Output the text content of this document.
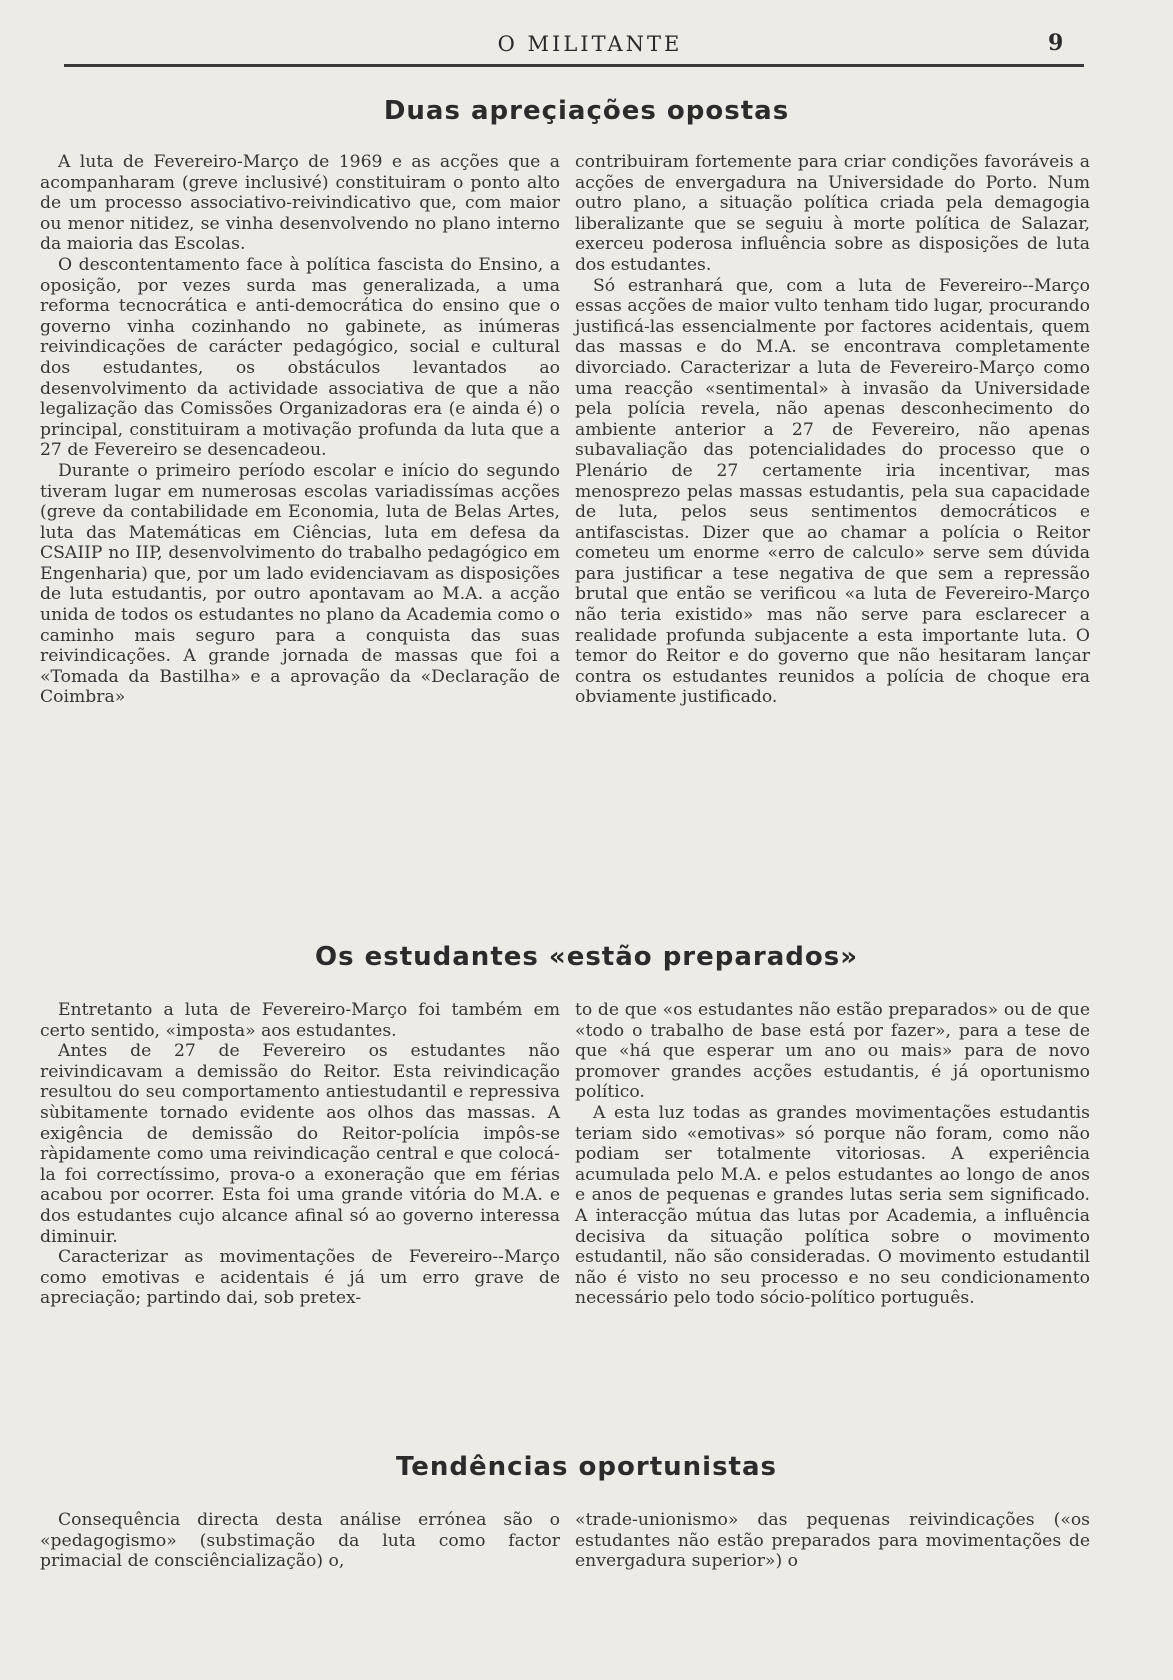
O MILITANTE	9
Duas apreçiações opostas

A luta de Fevereiro-Março de 1969 e as acções que a acompanharam (greve inclusivé) constituiram o ponto alto de um processo associativo-reivindicativo que, com maior ou menor nitidez, se vinha desenvolvendo no plano interno da maioria das Escolas.

O descontentamento face à política fascista do Ensino, a oposição, por vezes surda mas generalizada, a uma reforma tecnocrática e anti-democrática do ensino que o governo vinha cozinhando no gabinete, as inúmeras reivindicações de carácter pedagógico, social e cultural dos estudantes, os obstáculos levantados ao desenvolvimento da actividade associativa de que a não legalização das Comissões Organizadoras era (e ainda é) o principal, constituiram a motivação profunda da luta que a 27 de Fevereiro se desencadeou.

Durante o primeiro período escolar e início do segundo tiveram lugar em numerosas escolas variadissímas acções (greve da contabilidade em Economia, luta de Belas Artes, luta das Matemáticas em Ciências, luta em defesa da CSAIIP no IIP, desenvolvimento do trabalho pedagógico em Engenharia) que, por um lado evidenciavam as disposições de luta estudantis, por outro apontavam ao M.A. a acção unida de todos os estudantes no plano da Academia como o caminho mais seguro para a conquista das suas reivindicações. A grande jornada de massas que foi a «Tomada da Bastilha» e a aprovação da «Declaração de Coimbra»

contribuiram fortemente para criar condições favoráveis a acções de envergadura na Universidade do Porto. Num outro plano, a situação política criada pela demagogia liberalizante que se seguiu à morte política de Salazar, exerceu poderosa influência sobre as disposições de luta dos estudantes.

Só estranhará que, com a luta de Fevereiro--Março essas acções de maior vulto tenham tido lugar, procurando justificá-las essencialmente por factores acidentais, quem das massas e do M.A. se encontrava completamente divorciado. Caracterizar a luta de Fevereiro-Março como uma reacção «sentimental» à invasão da Universidade pela polícia revela, não apenas desconhecimento do ambiente anterior a 27 de Fevereiro, não apenas subavaliação das potencialidades do processo que o Plenário de 27 certamente iria incentivar, mas menosprezo pelas massas estudantis, pela sua capacidade de luta, pelos seus sentimentos democráticos e antifascistas. Dizer que ao chamar a polícia o Reitor cometeu um enorme «erro de calculo» serve sem dúvida para justificar a tese negativa de que sem a repressão brutal que então se verificou «a luta de Fevereiro-Março não teria existido» mas não serve para esclarecer a realidade profunda subjacente a esta importante luta. O temor do Reitor e do governo que não hesitaram lançar contra os estudantes reunidos a polícia de choque era obviamente justificado.

Os estudantes «estão preparados»

Entretanto a luta de Fevereiro-Março foi também em certo sentido, «imposta» aos estudantes.

Antes de 27 de Fevereiro os estudantes não reivindicavam a demissão do Reitor. Esta reivindicação resultou do seu comportamento antiestudantil e repressiva sùbitamente tornado evidente aos olhos das massas. A exigência de demissão do Reitor-polícia impôs-se ràpidamente como uma reivindicação central e que colocá-la foi correctíssimo, prova-o a exoneração que em férias acabou por ocorrer. Esta foi uma grande vitória do M.A. e dos estudantes cujo alcance afinal só ao governo interessa diminuir.

Caracterizar as movimentações de Fevereiro--Março como emotivas e acidentais é já um erro grave de apreciação; partindo dai, sob pretex-

to de que «os estudantes não estão preparados» ou de que «todo o trabalho de base está por fazer», para a tese de que «há que esperar um ano ou mais» para de novo promover grandes acções estudantis, é já oportunismo político.

A esta luz todas as grandes movimentações estudantis teriam sido «emotivas» só porque não foram, como não podiam ser totalmente vitoriosas. A experiência acumulada pelo M.A. e pelos estudantes ao longo de anos e anos de pequenas e grandes lutas seria sem significado. A interacção mútua das lutas por Academia, a influência decisiva da situação política sobre o movimento estudantil, não são consideradas. O movimento estudantil não é visto no seu processo e no seu condicionamento necessário pelo todo sócio-político português.

Tendências oportunistas

Consequência directa desta análise errónea são o «pedagogismo» (substimação da luta como factor primacial de consciêncialização) o,

«trade-unionismo» das pequenas reivindicações («os estudantes não estão preparados para movimentações de envergadura superior») o
